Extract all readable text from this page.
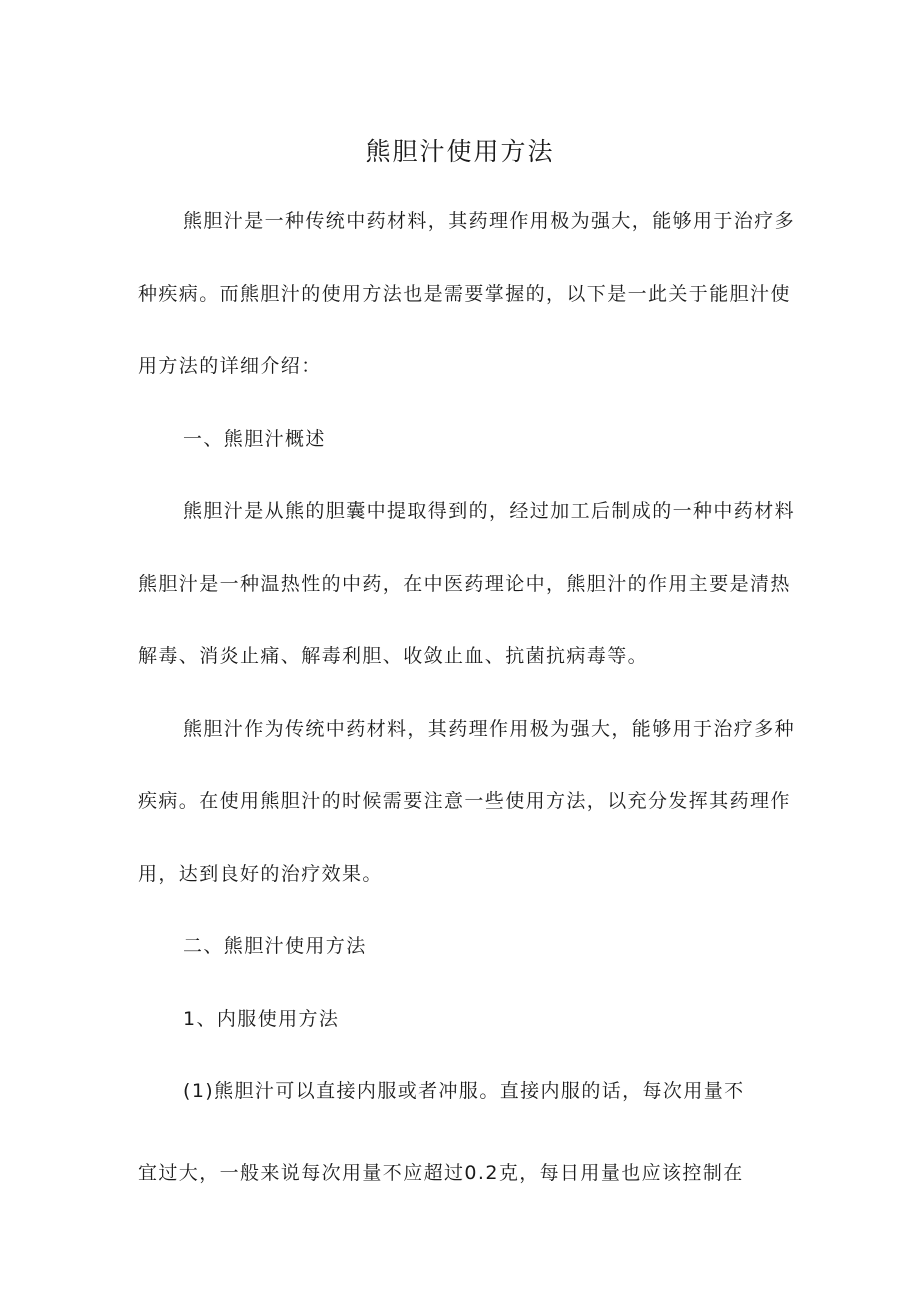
熊胆汁使用方法
熊胆汁是一种传统中药材料，其药理作用极为强大，能够用于治疗多
种疾病。而熊胆汁的使用方法也是需要掌握的，以下是一此关于能胆汁使
用方法的详细介绍：
一、熊胆汁概述
熊胆汁是从熊的胆囊中提取得到的，经过加工后制成的一种中药材料
熊胆汁是一种温热性的中药，在中医药理论中，熊胆汁的作用主要是清热
解毒、消炎止痛、解毒利胆、收敛止血、抗菌抗病毒等。
熊胆汁作为传统中药材料，其药理作用极为强大，能够用于治疗多种
疾病。在使用熊胆汁的时候需要注意一些使用方法，以充分发挥其药理作
用，达到良好的治疗效果。
二、熊胆汁使用方法
1、内服使用方法
(1)熊胆汁可以直接内服或者冲服。直接内服的话，每次用量不
宜过大，一般来说每次用量不应超过0.2克，每日用量也应该控制在
